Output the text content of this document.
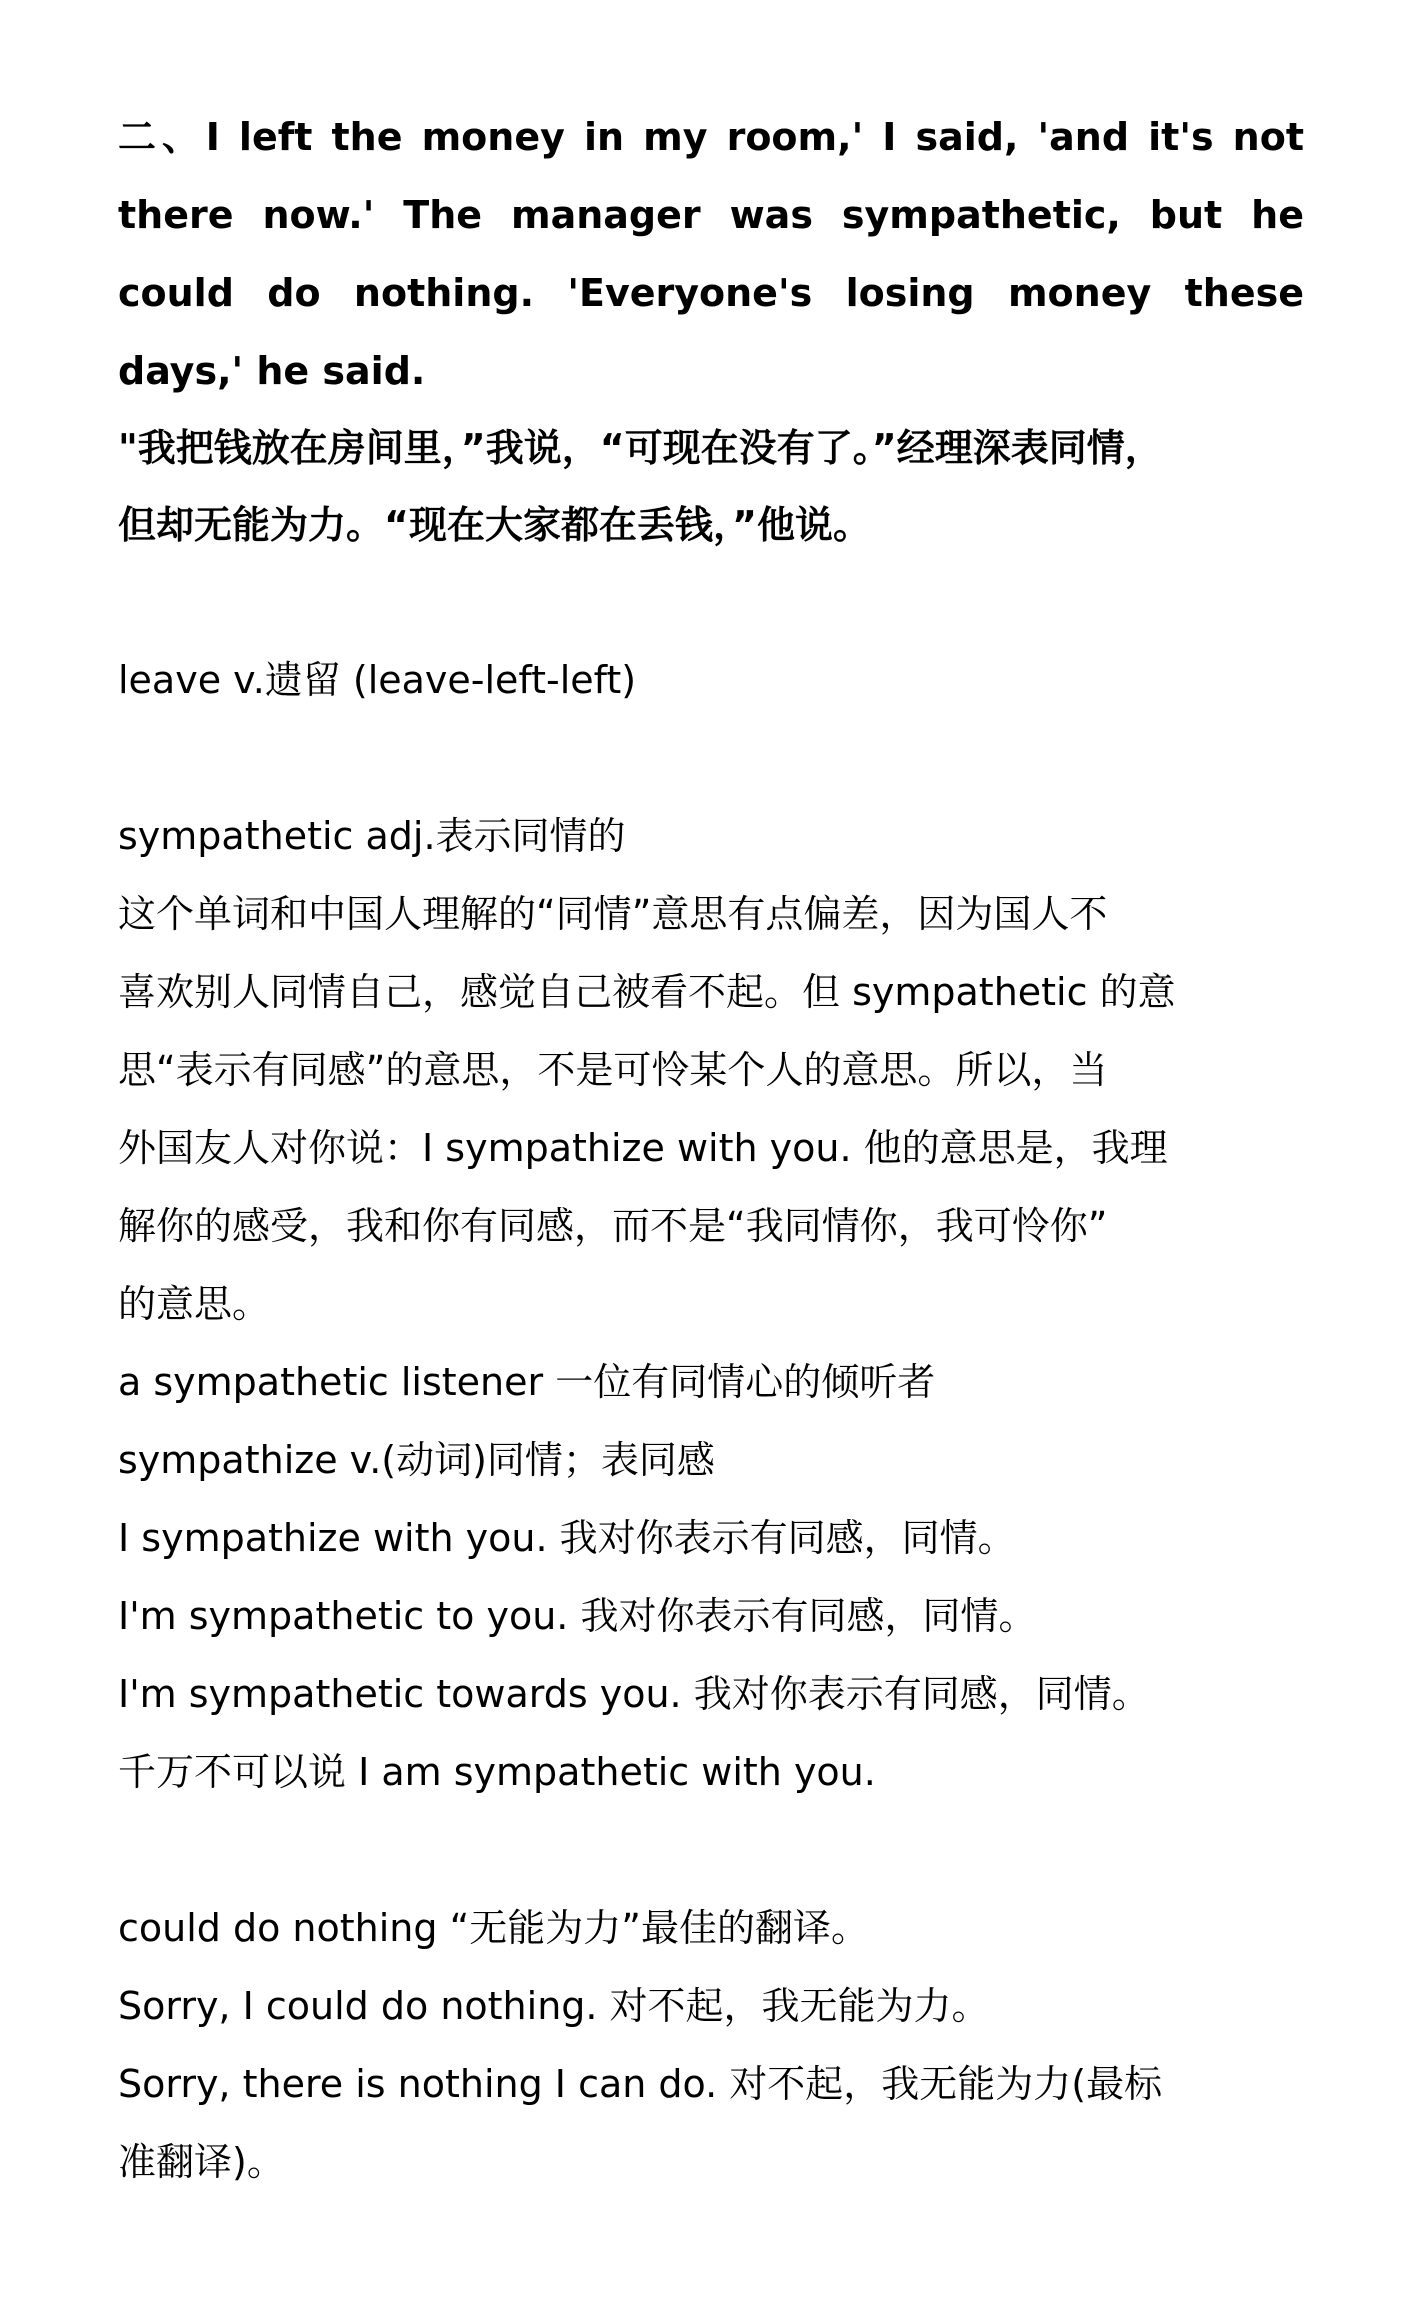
二、I left the money in my room,' I said, 'and it's not
there now.' The manager was sympathetic, but he
could do nothing. 'Everyone's losing money these
days,' he said.
"我把钱放在房间里，”我说，“可现在没有了。”经理深表同情，
但却无能为力。“现在大家都在丢钱，”他说。
leave v.遗留 (leave-left-left)
sympathetic adj.表示同情的
这个单词和中国人理解的“同情”意思有点偏差，因为国人不
喜欢别人同情自己，感觉自己被看不起。但 sympathetic 的意
思“表示有同感”的意思，不是可怜某个人的意思。所以，当
外国友人对你说：I sympathize with you. 他的意思是，我理
解你的感受，我和你有同感，而不是“我同情你，我可怜你”
的意思。
a sympathetic listener 一位有同情心的倾听者
sympathize v.(动词)同情；表同感
I sympathize with you. 我对你表示有同感，同情。
I'm sympathetic to you. 我对你表示有同感，同情。
I'm sympathetic towards you. 我对你表示有同感，同情。
千万不可以说 I am sympathetic with you.
could do nothing “无能为力”最佳的翻译。
Sorry, I could do nothing. 对不起，我无能为力。
Sorry, there is nothing I can do. 对不起，我无能为力(最标
准翻译)。
